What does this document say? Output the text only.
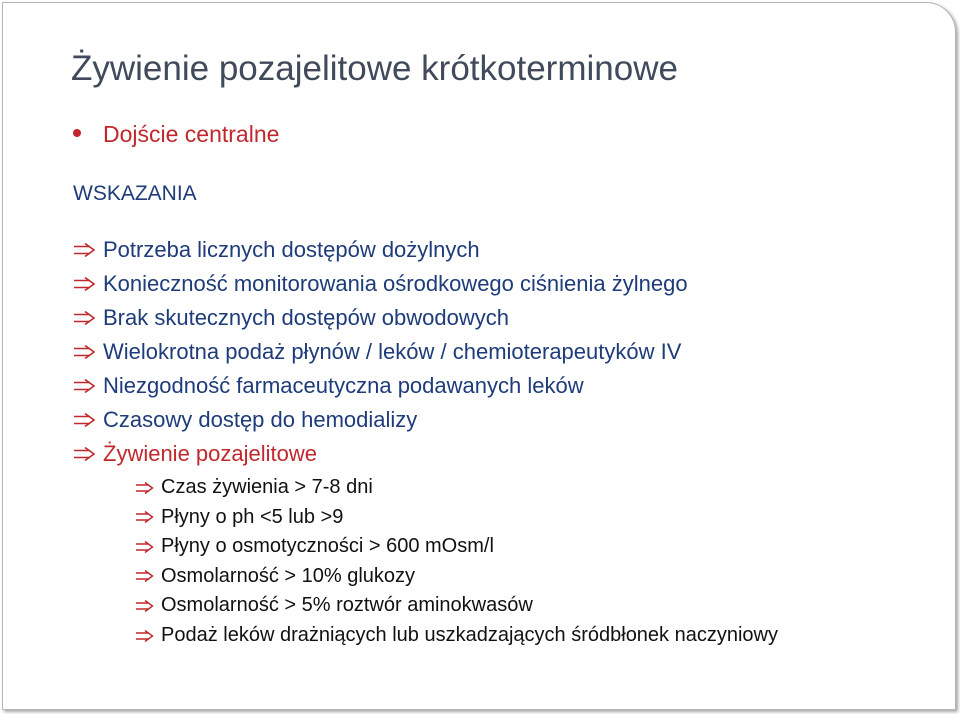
Żywienie pozajelitowe krótkoterminowe
Dojście centralne
WSKAZANIA
Potrzeba licznych dostępów dożylnych
Konieczność monitorowania ośrodkowego ciśnienia żylnego
Brak skutecznych dostępów obwodowych
Wielokrotna podaż płynów / leków / chemioterapeutyków IV
Niezgodność farmaceutyczna podawanych leków
Czasowy dostęp do hemodializy
Żywienie pozajelitowe
Czas żywienia > 7-8 dni
Płyny o ph <5 lub >9
Płyny o osmotyczności > 600 mOsm/l
Osmolarność > 10% glukozy
Osmolarność > 5% roztwór aminokwasów
Podaż leków drażniących lub uszkadzających śródbłonek naczyniowy
